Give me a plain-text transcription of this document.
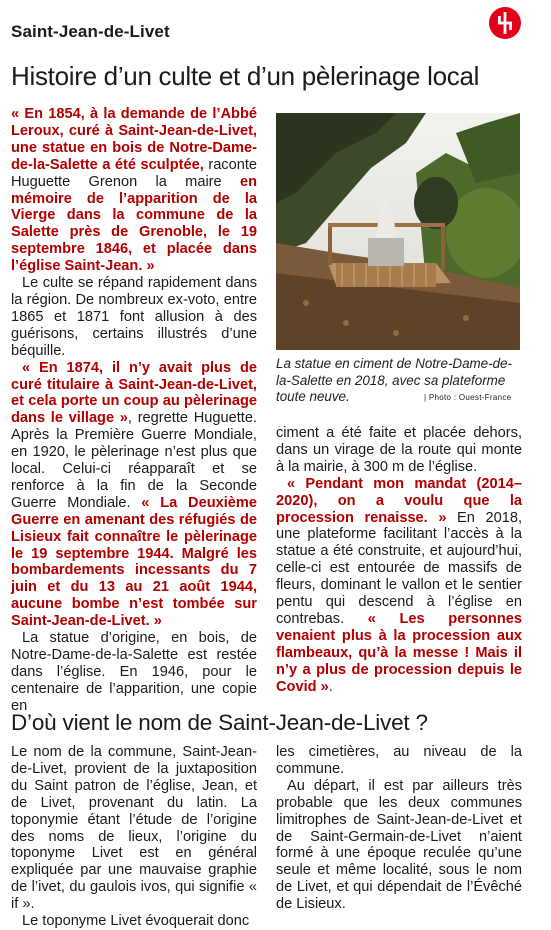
Saint-Jean-de-Livet
Histoire d’un culte et d’un pèlerinage local

« En 1854, à la demande de l’Abbé Leroux, curé à Saint-Jean-de-Livet, une statue en bois de Notre-Dame-de-la-Salette a été sculptée, raconte Huguette Grenon la maire en mémoire de l’apparition de la Vierge dans la commune de la Salette près de Grenoble, le 19 septembre 1846, et placée dans l’église Saint-Jean. »

Le culte se répand rapidement dans la région. De nombreux ex-voto, entre 1865 et 1871 font allusion à des guérisons, certains illustrés d’une béquille.

« En 1874, il n’y avait plus de curé titulaire à Saint-Jean-de-Livet, et cela porte un coup au pèlerinage dans le village », regrette Huguette. Après la Première Guerre Mondiale, en 1920, le pèlerinage n’est plus que local. Celui-ci réapparaît et se renforce à la fin de la Seconde Guerre Mondiale. « La Deuxième Guerre en amenant des réfugiés de Lisieux fait connaître le pèlerinage le 19 septembre 1944. Malgré les bombardements incessants du 7 juin et du 13 au 21 août 1944, aucune bombe n’est tombée sur Saint-Jean-de-Livet. »

La statue d’origine, en bois, de Notre-Dame-de-la-Salette est restée dans l’église. En 1946, pour le centenaire de l’apparition, une copie en

La statue en ciment de Notre-Dame-de-la-Salette en 2018, avec sa plateforme toute neuve.	| Photo : Ouest-France

ciment a été faite et placée dehors, dans un virage de la route qui monte à la mairie, à 300 m de l’église.

« Pendant mon mandat (2014–2020), on a voulu que la procession renaisse. » En 2018, une plateforme facilitant l’accès à la statue a été construite, et aujourd’hui, celle-ci est entourée de massifs de fleurs, dominant le vallon et le sentier pentu qui descend à l’église en contrebas. « Les personnes venaient plus à la procession aux flambeaux, qu’à la messe ! Mais il n’y a plus de procession depuis le Covid ».

D’où vient le nom de Saint-Jean-de-Livet ?

Le nom de la commune, Saint-Jean-de-Livet, provient de la juxtaposition du Saint patron de l’église, Jean, et de Livet, provenant du latin. La toponymie étant l’étude de l’origine des noms de lieux, l’origine du toponyme Livet est en général expliquée par une mauvaise graphie de l’ivet, du gaulois ivos, qui signifie « if ».

Le toponyme Livet évoquerait donc

les cimetières, au niveau de la commune.

Au départ, il est par ailleurs très probable que les deux communes limitrophes de Saint-Jean-de-Livet et de Saint-Germain-de-Livet n’aient formé à une époque reculée qu’une seule et même localité, sous le nom de Livet, et qui dépendait de l’Évêché de Lisieux.
